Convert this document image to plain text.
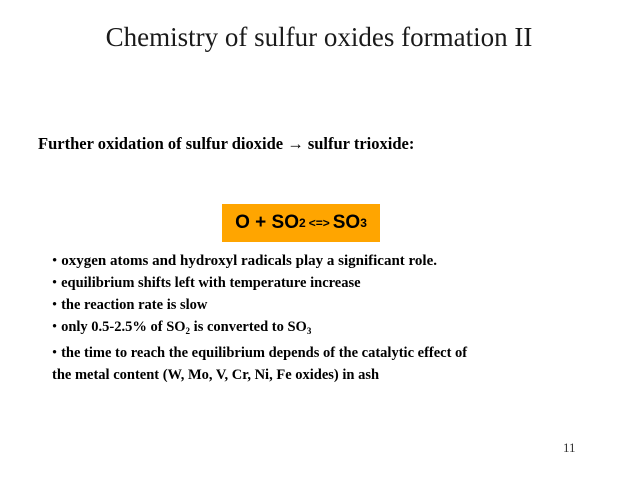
Chemistry of sulfur oxides formation II
Further oxidation of sulfur dioxide → sulfur trioxide:
O + SO 2 <=> SO 3
• oxygen atoms and hydroxyl radicals play a significant role.
• equilibrium shifts left with temperature increase
• the reaction rate is slow
• only 0.5-2.5% of $SO_2$ is converted to $SO_3$
• the time to reach the equilibrium depends of the catalytic effect of
the metal content (W, Mo, V, Cr, Ni, Fe oxides) in ash
11
